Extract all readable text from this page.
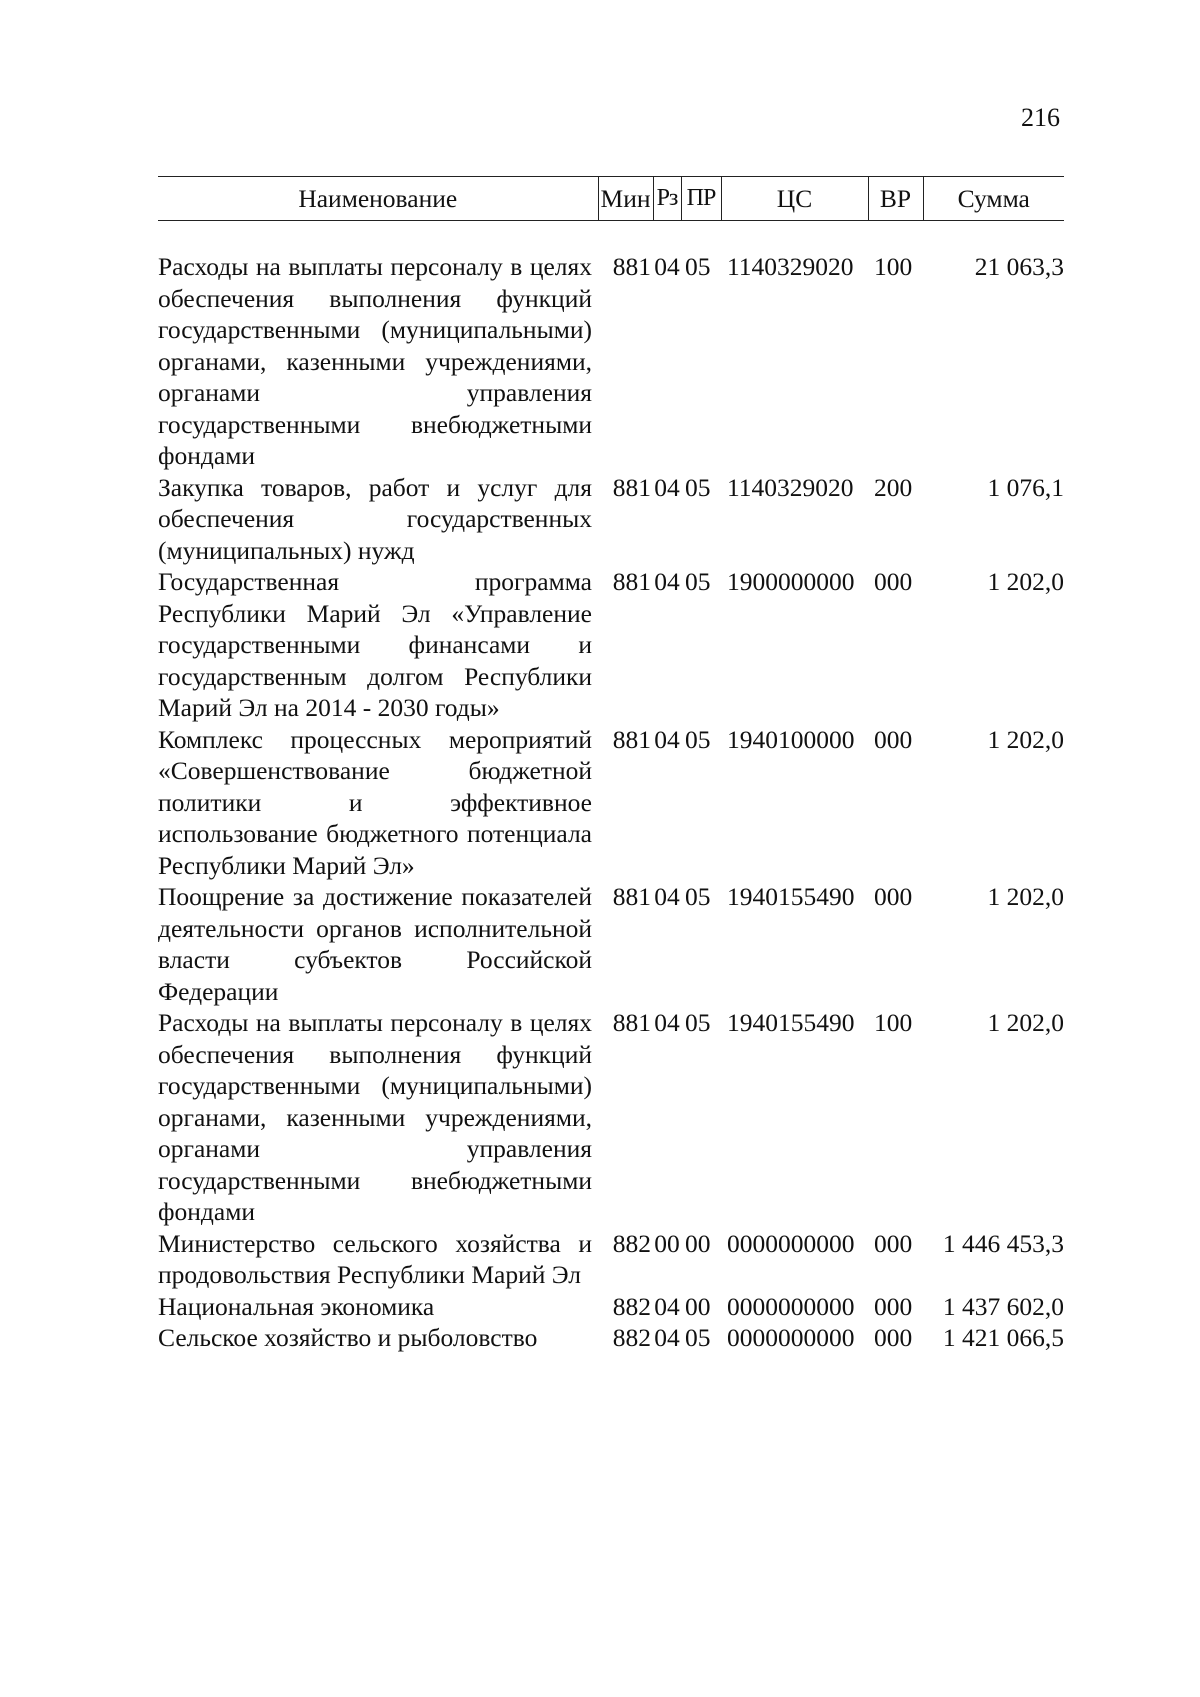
216
Наименование	Мин	Рз	ПР	ЦС	ВР	Сумма

Расходы на выплаты персоналу в целях обеспечения выполнения функций государственными (муниципальными) органами, казенными учреждениями, органами управления государственными внебюджетными фондами	881	04	05	1140329020	100	21 063,3
Закупка товаров, работ и услуг для обеспечения государственных (муниципальных) нужд	881	04	05	1140329020	200	1 076,1
Государственная программа Республики Марий Эл «Управление государственными финансами и государственным долгом Республики Марий Эл на 2014 - 2030 годы»	881	04	05	1900000000	000	1 202,0
Комплекс процессных мероприятий «Совершенствование бюджетной политики и эффективное использование бюджетного потенциала Республики Марий Эл»	881	04	05	1940100000	000	1 202,0
Поощрение за достижение показателей деятельности органов исполнительной власти субъектов Российской Федерации	881	04	05	1940155490	000	1 202,0
Расходы на выплаты персоналу в целях обеспечения выполнения функций государственными (муниципальными) органами, казенными учреждениями, органами управления государственными внебюджетными фондами	881	04	05	1940155490	100	1 202,0
Министерство сельского хозяйства и продовольствия Республики Марий Эл	882	00	00	0000000000	000	1 446 453,3
Национальная экономика	882	04	00	0000000000	000	1 437 602,0
Сельское хозяйство и рыболовство	882	04	05	0000000000	000	1 421 066,5
